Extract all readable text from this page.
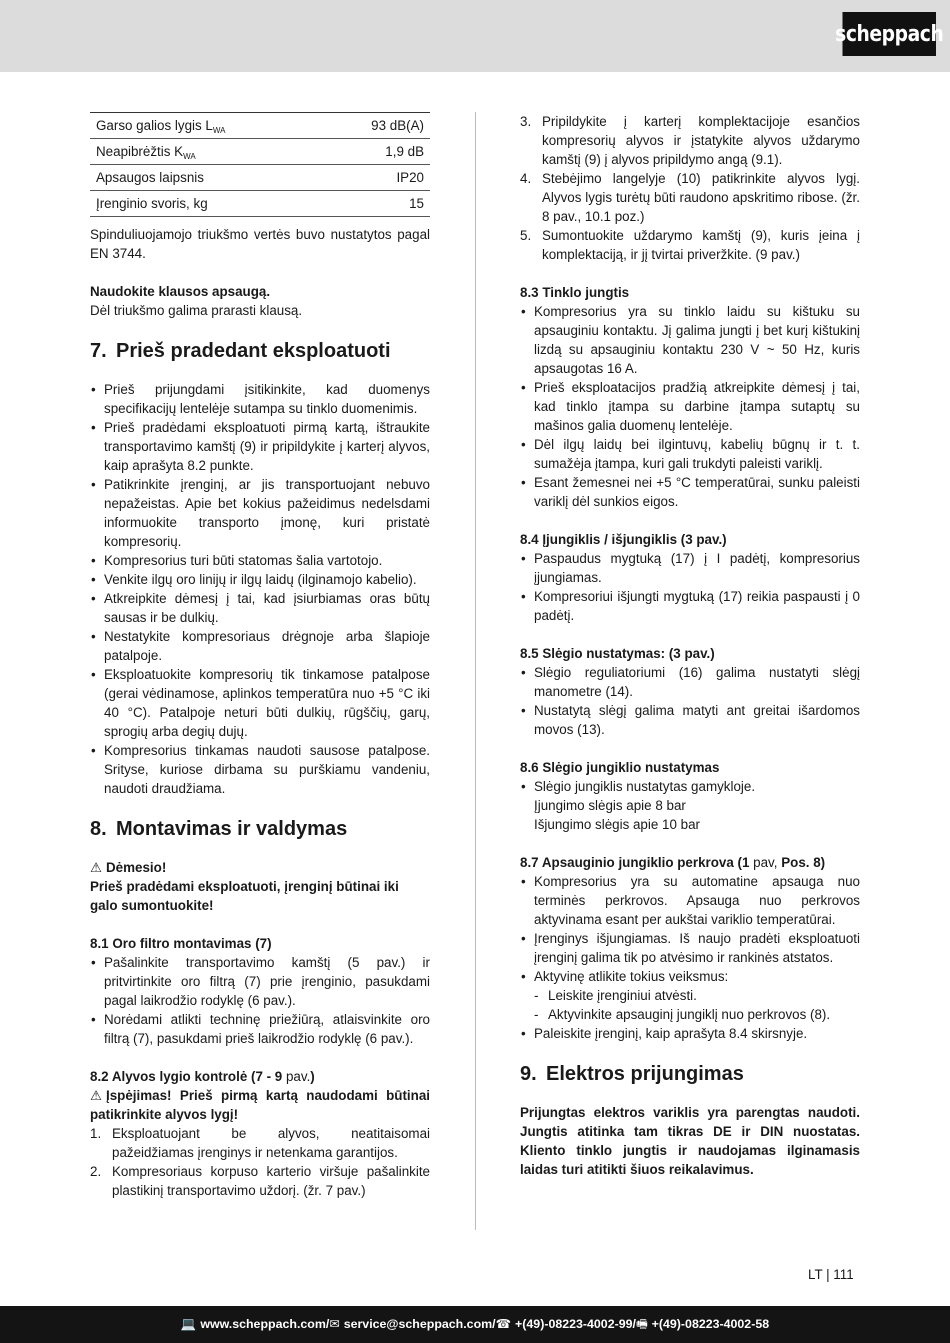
scheppach
Garso galios lygis $L_{WA}$	93 dB(A)
Neapibrėžtis $K_{WA}$	1,9 dB
Apsaugos laipsnis	IP20
Įrenginio svoris, kg	15

Spinduliuojamojo triukšmo vertės buvo nustatytos pagal EN 3744.

Naudokite klausos apsaugą.

Dėl triukšmo galima prarasti klausą.

7. Prieš pradedant eksploatuoti
• Prieš prijungdami įsitikinkite, kad duomenys specifikacijų lentelėje sutampa su tinklo duomenimis.
• Prieš pradėdami eksploatuoti pirmą kartą, ištraukite transportavimo kamštį (9) ir pripildykite į karterį alyvos, kaip aprašyta 8.2 punkte.
• Patikrinkite įrenginį, ar jis transportuojant nebuvo nepažeistas. Apie bet kokius pažeidimus nedelsdami informuokite transporto įmonę, kuri pristatė kompresorių.
• Kompresorius turi būti statomas šalia vartotojo.
• Venkite ilgų oro linijų ir ilgų laidų (ilginamojo kabelio).
• Atkreipkite dėmesį į tai, kad įsiurbiamas oras būtų sausas ir be dulkių.
• Nestatykite kompresoriaus drėgnoje arba šlapioje patalpoje.
• Eksploatuokite kompresorių tik tinkamose patalpose (gerai vėdinamose, aplinkos temperatūra nuo +5 °C iki 40 °C). Patalpoje neturi būti dulkių, rūgščių, garų, sprogių arba degių dujų.
• Kompresorius tinkamas naudoti sausose patalpose. Srityse, kuriose dirbama su purškiamu vandeniu, naudoti draudžiama.
8. Montavimas ir valdymas

⚠ Dėmesio!

Prieš pradėdami eksploatuoti, įrenginį būtinai iki galo sumontuokite!

8.1 Oro filtro montavimas (7)
• Pašalinkite transportavimo kamštį (5 pav.) ir pritvirtinkite oro filtrą (7) prie įrenginio, pasukdami pagal laikrodžio rodyklę (6 pav.).
• Norėdami atlikti techninę priežiūrą, atlaisvinkite oro filtrą (7), pasukdami prieš laikrodžio rodyklę (6 pav.).
8.2 Alyvos lygio kontrolė (7 - 9 pav.)

⚠ Įspėjimas! Prieš pirmą kartą naudodami būtinai patikrinkite alyvos lygį!

1. Eksploatuojant be alyvos, neatitaisomai pažeidžiamas įrenginys ir netenkama garantijos.
2. Kompresoriaus korpuso karterio viršuje pašalinkite plastikinį transportavimo uždorį. (žr. 7 pav.)
3. Pripildykite į karterį komplektacijoje esančios kompresorių alyvos ir įstatykite alyvos uždarymo kamštį (9) į alyvos pripildymo angą (9.1).
4. Stebėjimo langelyje (10) patikrinkite alyvos lygį. Alyvos lygis turėtų būti raudono apskritimo ribose. (žr. 8 pav., 10.1 poz.)
5. Sumontuokite uždarymo kamštį (9), kuris įeina į komplektaciją, ir jį tvirtai priveržkite. (9 pav.)
8.3 Tinklo jungtis
• Kompresorius yra su tinklo laidu su kištuku su apsauginiu kontaktu. Jį galima jungti į bet kurį kištukinį lizdą su apsauginiu kontaktu 230 V ~ 50 Hz, kuris apsaugotas 16 A.
• Prieš eksploatacijos pradžią atkreipkite dėmesį į tai, kad tinklo įtampa su darbine įtampa sutaptų su mašinos galia duomenų lentelėje.
• Dėl ilgų laidų bei ilgintuvų, kabelių būgnų ir t. t. sumažėja įtampa, kuri gali trukdyti paleisti variklį.
• Esant žemesnei nei +5 °C temperatūrai, sunku paleisti variklį dėl sunkios eigos.
8.4 Įjungiklis / išjungiklis (3 pav.)
• Paspaudus mygtuką (17) į I padėtį, kompresorius įjungiamas.
• Kompresoriui išjungti mygtuką (17) reikia paspausti į 0 padėtį.
8.5 Slėgio nustatymas: (3 pav.)
• Slėgio reguliatoriumi (16) galima nustatyti slėgį manometre (14).
• Nustatytą slėgį galima matyti ant greitai išardomos movos (13).
8.6 Slėgio jungiklio nustatymas
• Slėgio jungiklis nustatytas gamykloje.
Įjungimo slėgis apie 8 bar
Išjungimo slėgis apie 10 bar
8.7 Apsauginio jungiklio perkrova (1 pav, Pos. 8)
• Kompresorius yra su automatine apsauga nuo terminės perkrovos. Apsauga nuo perkrovos aktyvinama esant per aukštai variklio temperatūrai.
• Įrenginys išjungiamas. Iš naujo pradėti eksploatuoti įrenginį galima tik po atvėsimo ir rankinės atstatos.
• Aktyvinę atlikite tokius veiksmus:
- Leiskite įrenginiui atvėsti.
- Aktyvinkite apsauginį jungiklį nuo perkrovos (8).
• Paleiskite įrenginį, kaip aprašyta 8.4 skirsnyje.
9. Elektros prijungimas

Prijungtas elektros variklis yra parengtas naudoti. Jungtis atitinka tam tikras DE ir DIN nuostatas. Kliento tinklo jungtis ir naudojamas ilginamasis laidas turi atitikti šiuos reikalavimus.

LT | 111
💻 www.scheppach.com / ✉ service@scheppach.com / ☎ +(49)-08223-4002-99 / 🖷 +(49)-08223-4002-58
